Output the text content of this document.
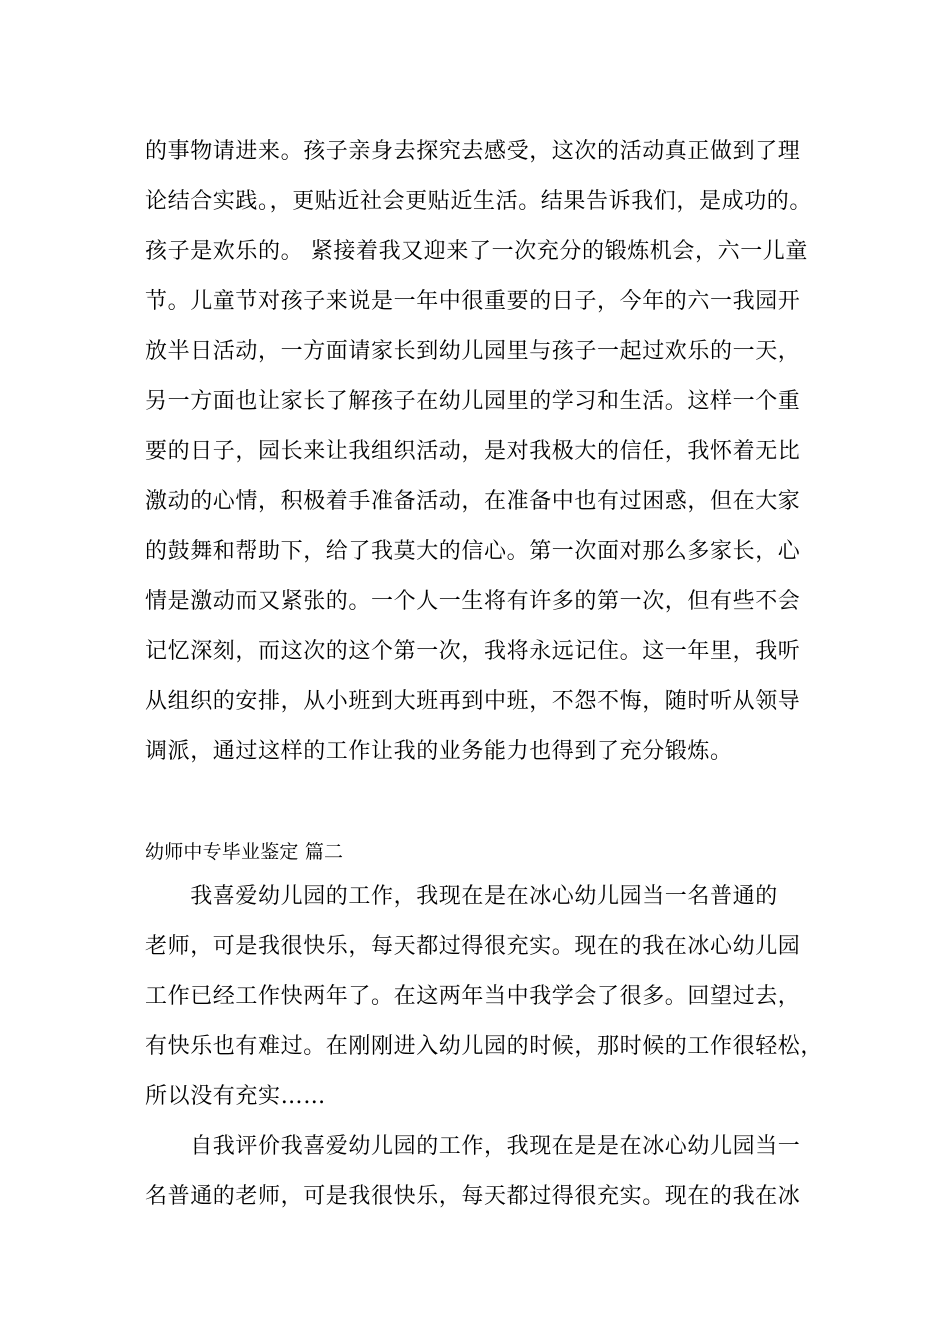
的事物请进来。孩子亲身去探究去感受，这次的活动真正做到了理
论结合实践。，更贴近社会更贴近生活。结果告诉我们，是成功的。
孩子是欢乐的。 紧接着我又迎来了一次充分的锻炼机会，六一儿童
节。儿童节对孩子来说是一年中很重要的日子，今年的六一我园开
放半日活动，一方面请家长到幼儿园里与孩子一起过欢乐的一天，
另一方面也让家长了解孩子在幼儿园里的学习和生活。这样一个重
要的日子，园长来让我组织活动，是对我极大的信任，我怀着无比
激动的心情，积极着手准备活动，在准备中也有过困惑，但在大家
的鼓舞和帮助下，给了我莫大的信心。第一次面对那么多家长，心
情是激动而又紧张的。一个人一生将有许多的第一次，但有些不会
记忆深刻，而这次的这个第一次，我将永远记住。这一年里，我听
从组织的安排，从小班到大班再到中班，不怨不悔，随时听从领导
调派，通过这样的工作让我的业务能力也得到了充分锻炼。
幼师中专毕业鉴定 篇二
　　我喜爱幼儿园的工作，我现在是在冰心幼儿园当一名普通的
老师，可是我很快乐，每天都过得很充实。现在的我在冰心幼儿园
工作已经工作快两年了。在这两年当中我学会了很多。回望过去，
有快乐也有难过。在刚刚进入幼儿园的时候，那时候的工作很轻松，
所以没有充实……
　　自我评价我喜爱幼儿园的工作，我现在是是在冰心幼儿园当一
名普通的老师，可是我很快乐，每天都过得很充实。现在的我在冰
